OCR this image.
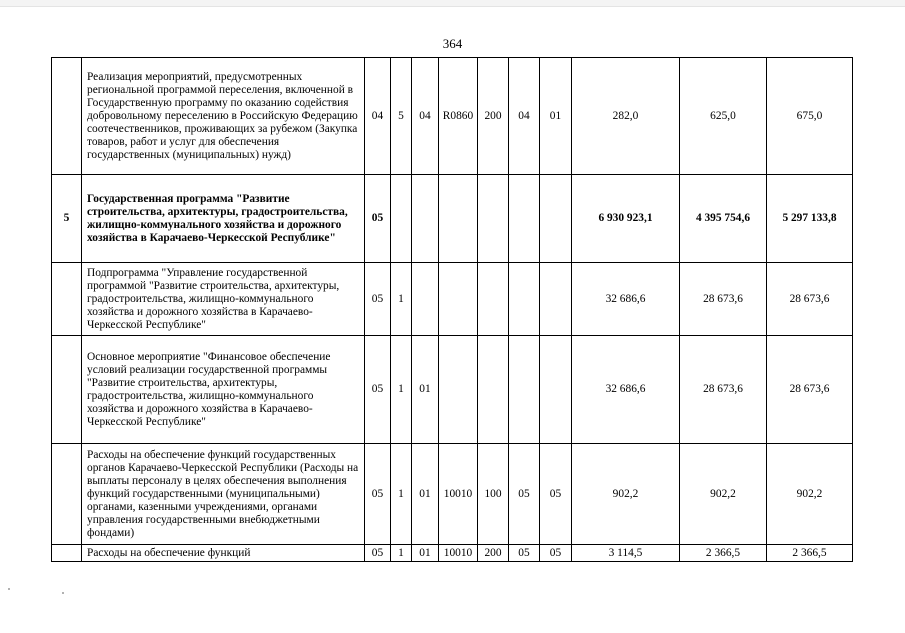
364
	Реализация мероприятий, предусмотренных региональной программой переселения, включенной в Государственную программу по оказанию содействия добровольному переселению в Российскую Федерацию соотечественников, проживающих за рубежом (Закупка товаров, работ и услуг для обеспечения государственных (муниципальных) нужд)	04	5	04	R0860	200	04	01	282,0	625,0	675,0
5	Государственная программа "Развитие строительства, архитектуры, градостроительства, жилищно-коммунального хозяйства и дорожного хозяйства в Карачаево-Черкесской Республике"	05							6 930 923,1	4 395 754,6	5 297 133,8
	Подпрограмма "Управление государственной программой "Развитие строительства, архитектуры, градостроительства, жилищно-коммунального хозяйства и дорожного хозяйства в Карачаево-Черкесской Республике"	05	1						32 686,6	28 673,6	28 673,6
	Основное мероприятие "Финансовое обеспечение условий реализации государственной программы "Развитие строительства, архитектуры, градостроительства, жилищно-коммунального хозяйства и дорожного хозяйства в Карачаево-Черкесской Республике"	05	1	01					32 686,6	28 673,6	28 673,6
	Расходы на обеспечение функций государственных органов Карачаево-Черкесской Республики (Расходы на выплаты персоналу в целях обеспечения выполнения функций государственными (муниципальными) органами, казенными учреждениями, органами управления государственными внебюджетными фондами)	05	1	01	10010	100	05	05	902,2	902,2	902,2
	Расходы на обеспечение функций	05	1	01	10010	200	05	05	3 114,5	2 366,5	2 366,5
